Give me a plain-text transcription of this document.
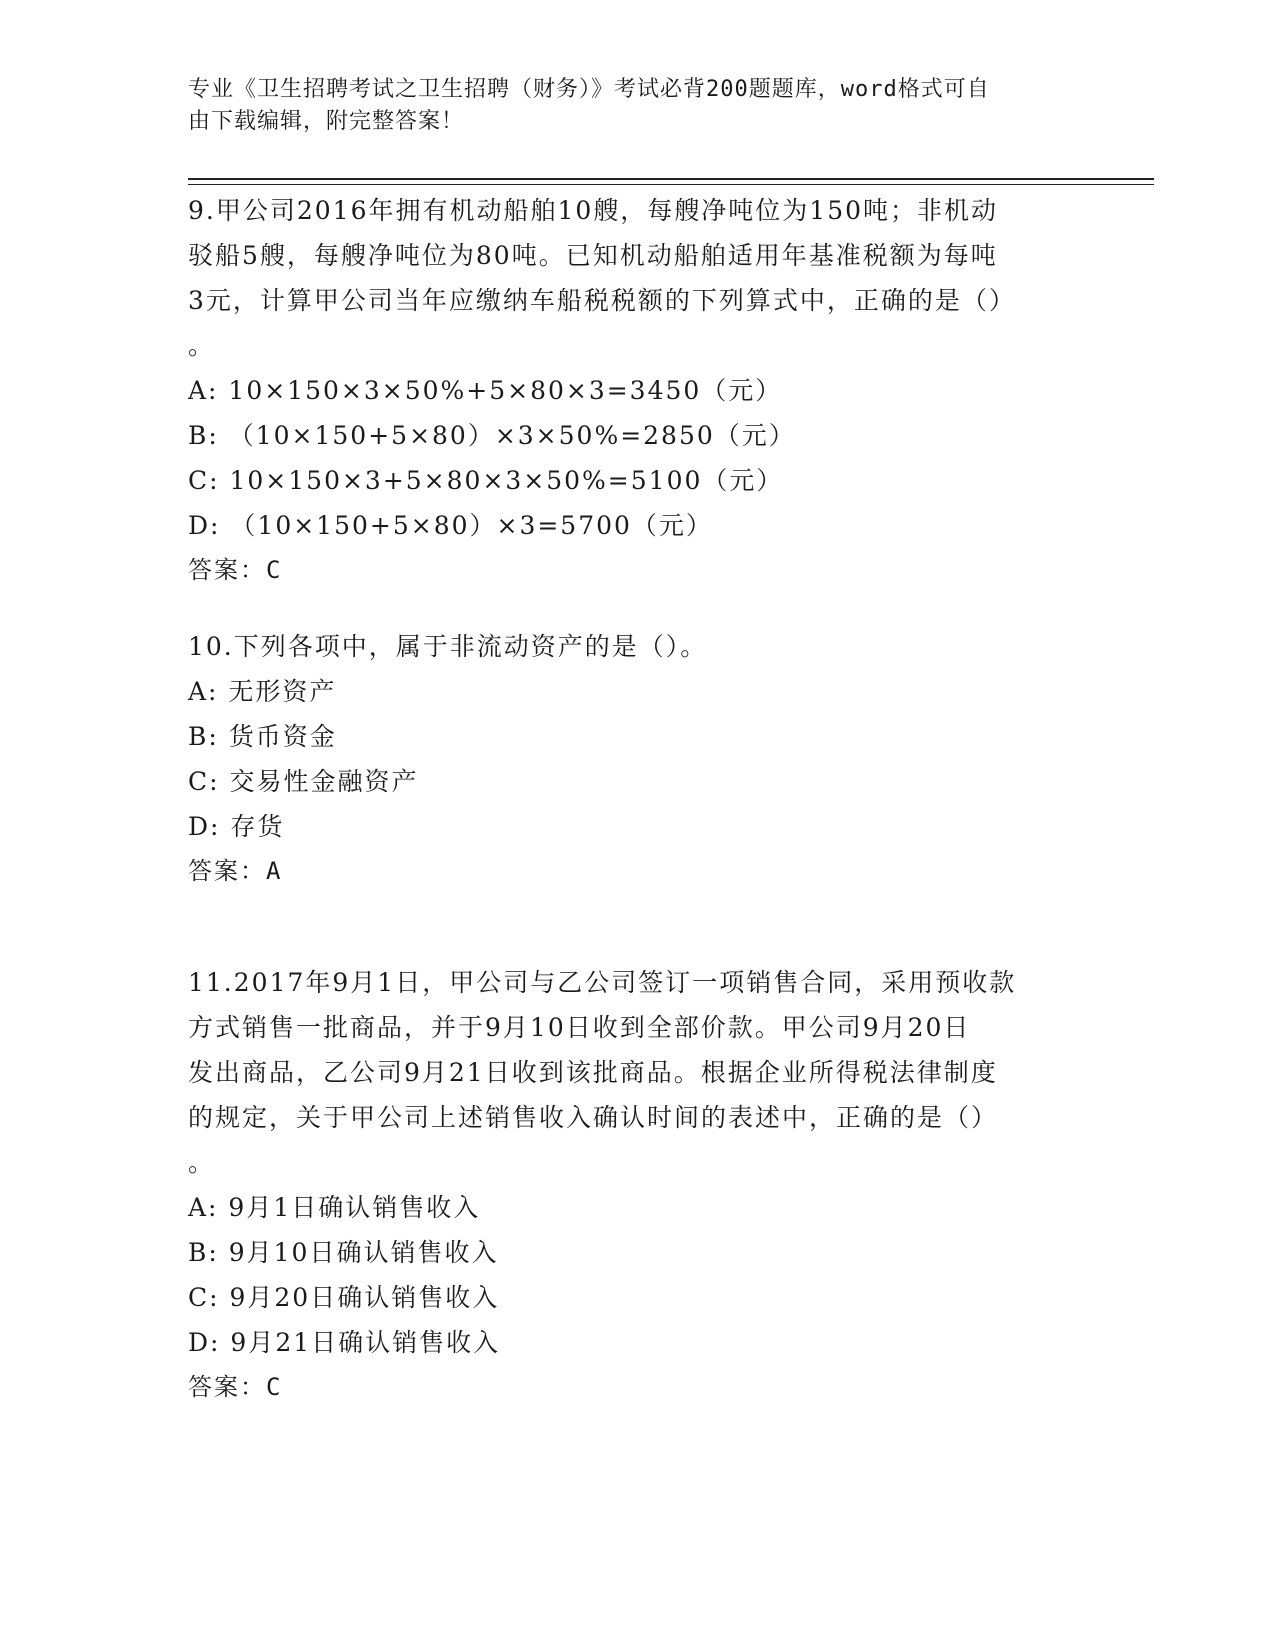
专业《卫生招聘考试之卫生招聘（财务）》考试必背200题题库，word格式可自
由下载编辑，附完整答案！

9.甲公司2016年拥有机动船舶10艘，每艘净吨位为150吨；非机动

驳船5艘，每艘净吨位为80吨。已知机动船舶适用年基准税额为每吨

3元，计算甲公司当年应缴纳车船税税额的下列算式中，正确的是（）

。

A: 10×150×3×50%+5×80×3=3450（元）

B: （10×150+5×80）×3×50%=2850（元）

C: 10×150×3+5×80×3×50%=5100（元）

D: （10×150+5×80）×3=5700（元）

答案：C

10.下列各项中，属于非流动资产的是（）。

A: 无形资产

B: 货币资金

C: 交易性金融资产

D: 存货

答案：A

11.2017年9月1日，甲公司与乙公司签订一项销售合同，采用预收款

方式销售一批商品，并于9月10日收到全部价款。甲公司9月20日

发出商品，乙公司9月21日收到该批商品。根据企业所得税法律制度

的规定，关于甲公司上述销售收入确认时间的表述中，正确的是（）

。

A: 9月1日确认销售收入

B: 9月10日确认销售收入

C: 9月20日确认销售收入

D: 9月21日确认销售收入

答案：C
